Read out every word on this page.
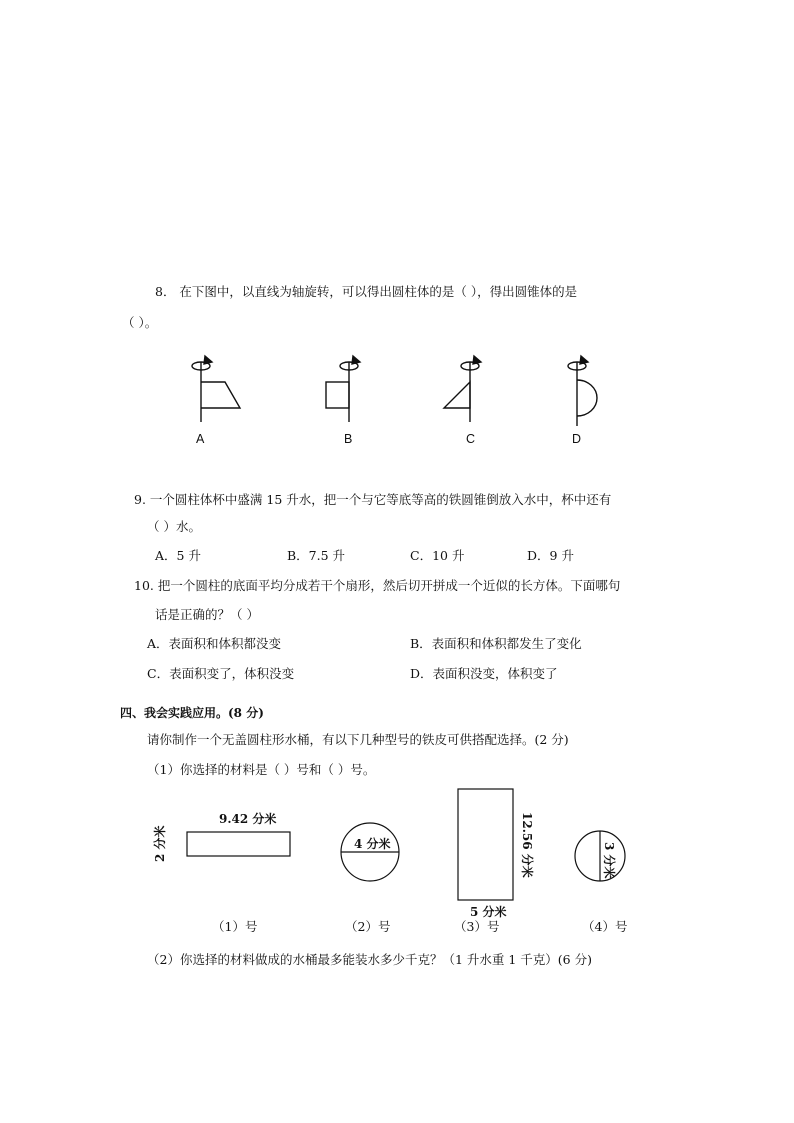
8． 在下图中，以直线为轴旋转，可以得出圆柱体的是（ ），得出圆锥体的是
（ ）。
A	B	C	D
9. 一个圆柱体杯中盛满 15 升水，把一个与它等底等高的铁圆锥倒放入水中，杯中还有
（ ）水。
A．5 升	B．7.5 升	C．10 升	D．9 升
10. 把一个圆柱的底面平均分成若干个扇形，然后切开拼成一个近似的长方体。下面哪句
话是正确的？（ ）
A．表面积和体积都没变	B．表面积和体积都发生了变化
C．表面积变了，体积没变	D．表面积没变，体积变了
四、我会实践应用。(8 分)
请你制作一个无盖圆柱形水桶，有以下几种型号的铁皮可供搭配选择。(2 分)
（1）你选择的材料是（ ）号和（ ）号。
9.42 分米
2 分米	4 分米	12.56 分米
5 分米
3 分米
（1）号	（2）号	（3）号	（4）号
（2）你选择的材料做成的水桶最多能装水多少千克？（1 升水重 1 千克）(6 分)
